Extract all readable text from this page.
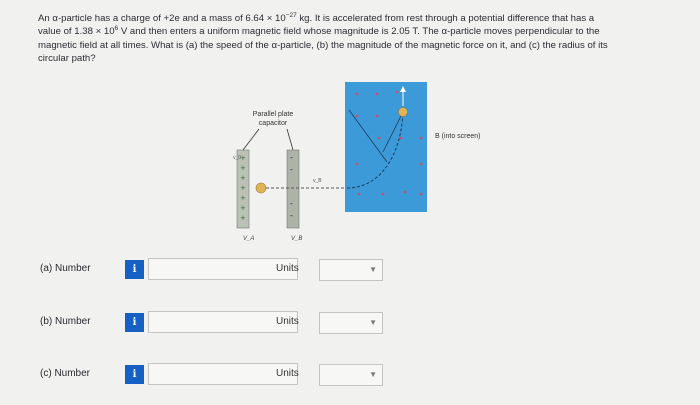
An α-particle has a charge of +2e and a mass of $6.64 \times 10^{-27}$ kg. It is accelerated from rest through a potential difference that has a
value of $1.38 \times 10^6$ V and then enters a uniform magnetic field whose magnitude is 2.05 T. The α-particle moves perpendicular to the
magnetic field at all times. What is (a) the speed of the α-particle, (b) the magnitude of the magnetic force on it, and (c) the radius of its
circular path?
Parallel plate
capacitor
+
+
+
+
+
+
+
-
-
-
-
v_0
v_B
V_A	V_B
B (into screen)
(a) Number	i	Units	▼
(b) Number	i	Units	▼
(c) Number	i	Units	▼
